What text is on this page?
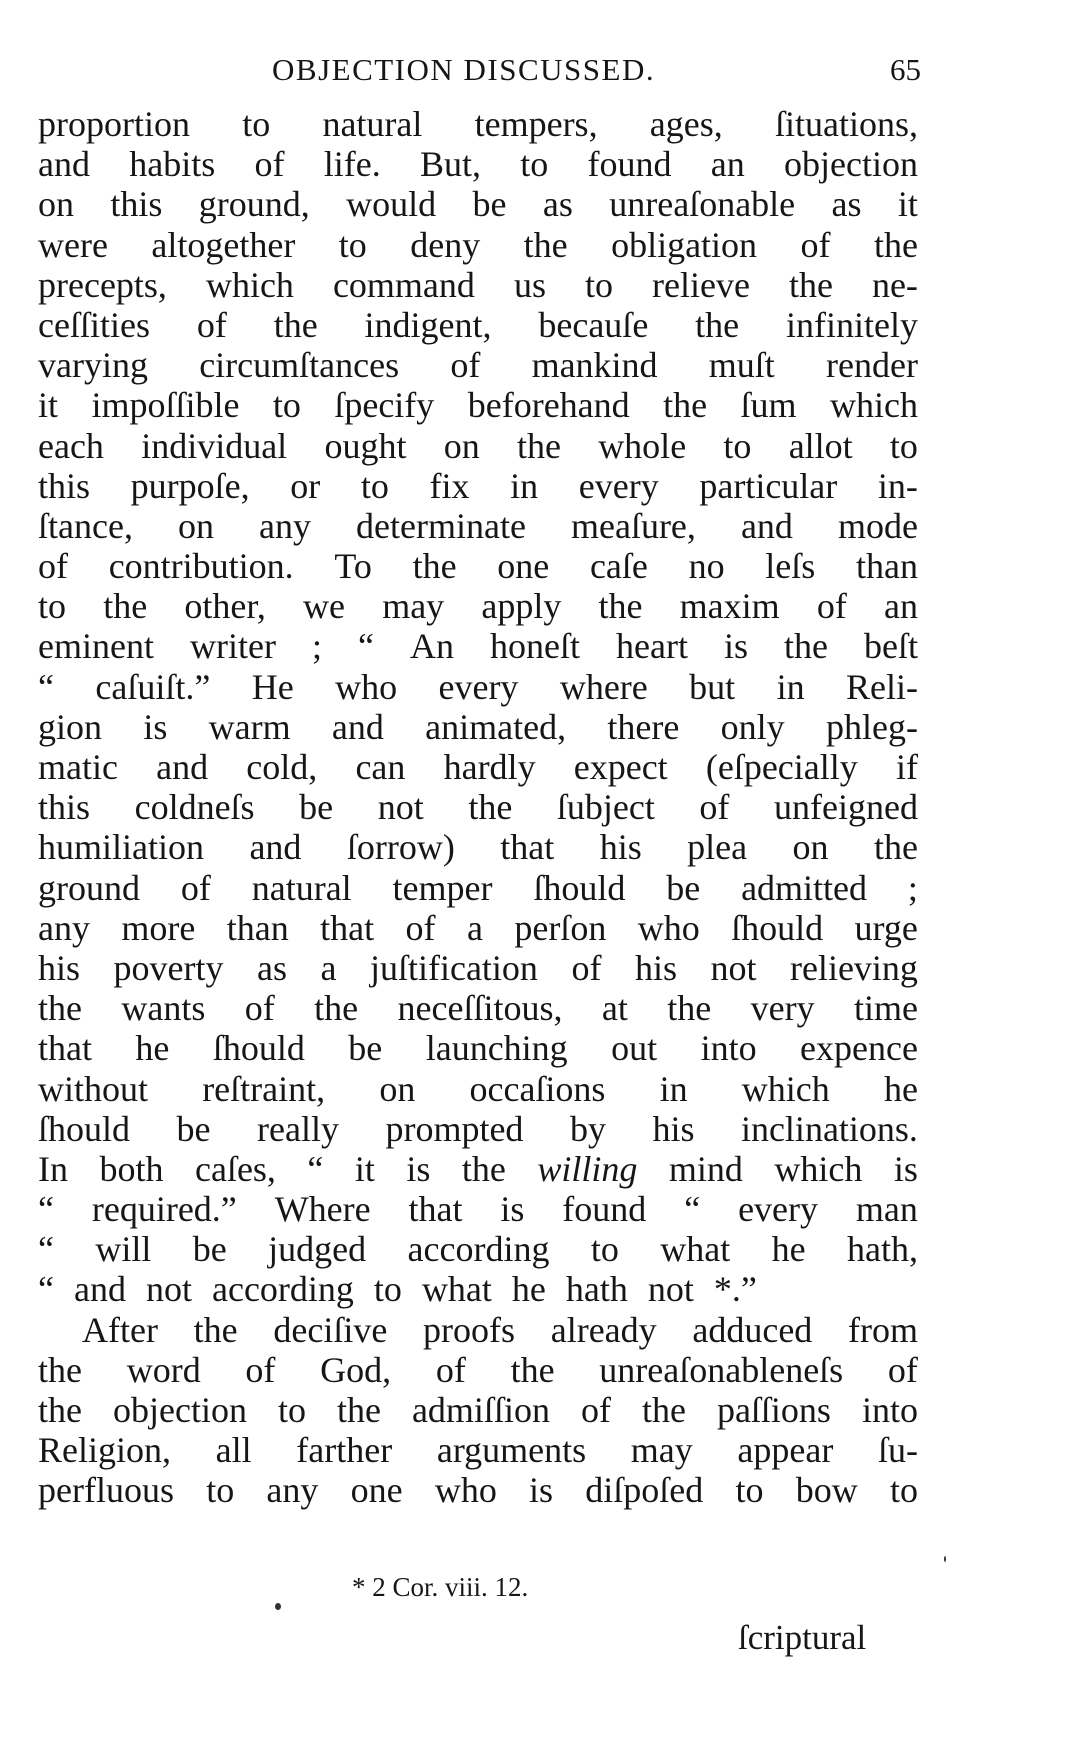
OBJECTION DISCUSSED.	65
proportion to natural tempers, ages, ſituations,
and habits of life. But, to found an objection
on this ground, would be as unreaſonable as it
were altogether to deny the obligation of the
precepts, which command us to relieve the ne-
ceſſities of the indigent, becauſe the infinitely
varying circumſtances of mankind muſt render
it impoſſible to ſpecify beforehand the ſum which
each individual ought on the whole to allot to
this purpoſe, or to fix in every particular in-
ſtance, on any determinate meaſure, and mode
of contribution. To the one caſe no leſs than
to the other, we may apply the maxim of an
eminent writer ; “ An honeſt heart is the beſt
“ caſuiſt.” He who every where but in Reli-
gion is warm and animated, there only phleg-
matic and cold, can hardly expect (eſpecially if
this coldneſs be not the ſubject of unfeigned
humiliation and ſorrow) that his plea on the
ground of natural temper ſhould be admitted ;
any more than that of a perſon who ſhould urge
his poverty as a juſtification of his not relieving
the wants of the neceſſitous, at the very time
that he ſhould be launching out into expence
without reſtraint, on occaſions in which he
ſhould be really prompted by his inclinations.
In both caſes, “ it is the willing mind which is
“ required.” Where that is found “ every man
“ will be judged according to what he hath,
“ and not according to what he hath not *.”
After the deciſive proofs already adduced from
the word of God, of the unreaſonableneſs of
the objection to the admiſſion of the paſſions into
Religion, all farther arguments may appear ſu-
perfluous to any one who is diſpoſed to bow to
* 2 Cor. viii. 12.
ſcriptural
